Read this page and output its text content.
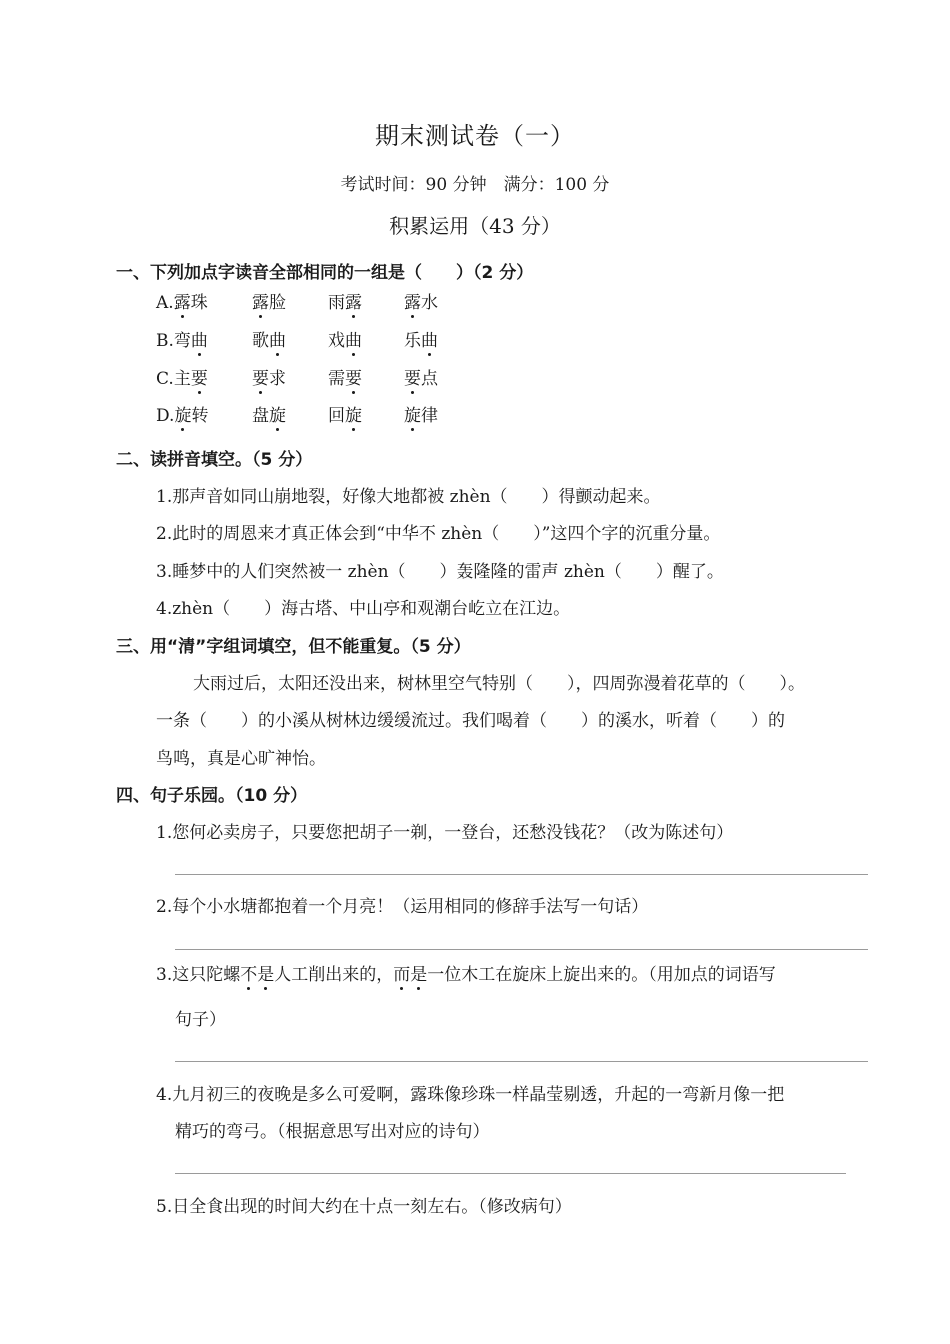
期末测试卷（一）
考试时间：90 分钟　满分：100 分
积累运用（43 分）
一、下列加点字读音全部相同的一组是（　　）（2 分）
A.露珠	露脸 雨露 露水
B.弯曲	歌曲 戏曲 乐曲
C.主要	要求 需要 要点
D.旋转	盘旋 回旋 旋律
二、读拼音填空。（5 分）
1.那声音如同山崩地裂，好像大地都被 zhèn（　　）得颤动起来。
2.此时的周恩来才真正体会到“中华不 zhèn（　　）”这四个字的沉重分量。
3.睡梦中的人们突然被一 zhèn（　　）轰隆隆的雷声 zhèn（　　）醒了。
4.zhèn（　　）海古塔、中山亭和观潮台屹立在江边。
三、用“清”字组词填空，但不能重复。（5 分）
大雨过后，太阳还没出来，树林里空气特别（　　），四周弥漫着花草的（　　）。
一条（　　）的小溪从树林边缓缓流过。我们喝着（　　）的溪水，听着（　　）的
鸟鸣，真是心旷神怡。
四、句子乐园。（10 分）
1.您何必卖房子，只要您把胡子一剃，一登台，还愁没钱花？（改为陈述句）
2.每个小水塘都抱着一个月亮！（运用相同的修辞手法写一句话）
3.这只陀螺不是人工削出来的，而是一位木工在旋床上旋出来的。（用加点的词语写
句子）
4.九月初三的夜晚是多么可爱啊，露珠像珍珠一样晶莹剔透，升起的一弯新月像一把
精巧的弯弓。（根据意思写出对应的诗句）
5.日全食出现的时间大约在十点一刻左右。（修改病句）
